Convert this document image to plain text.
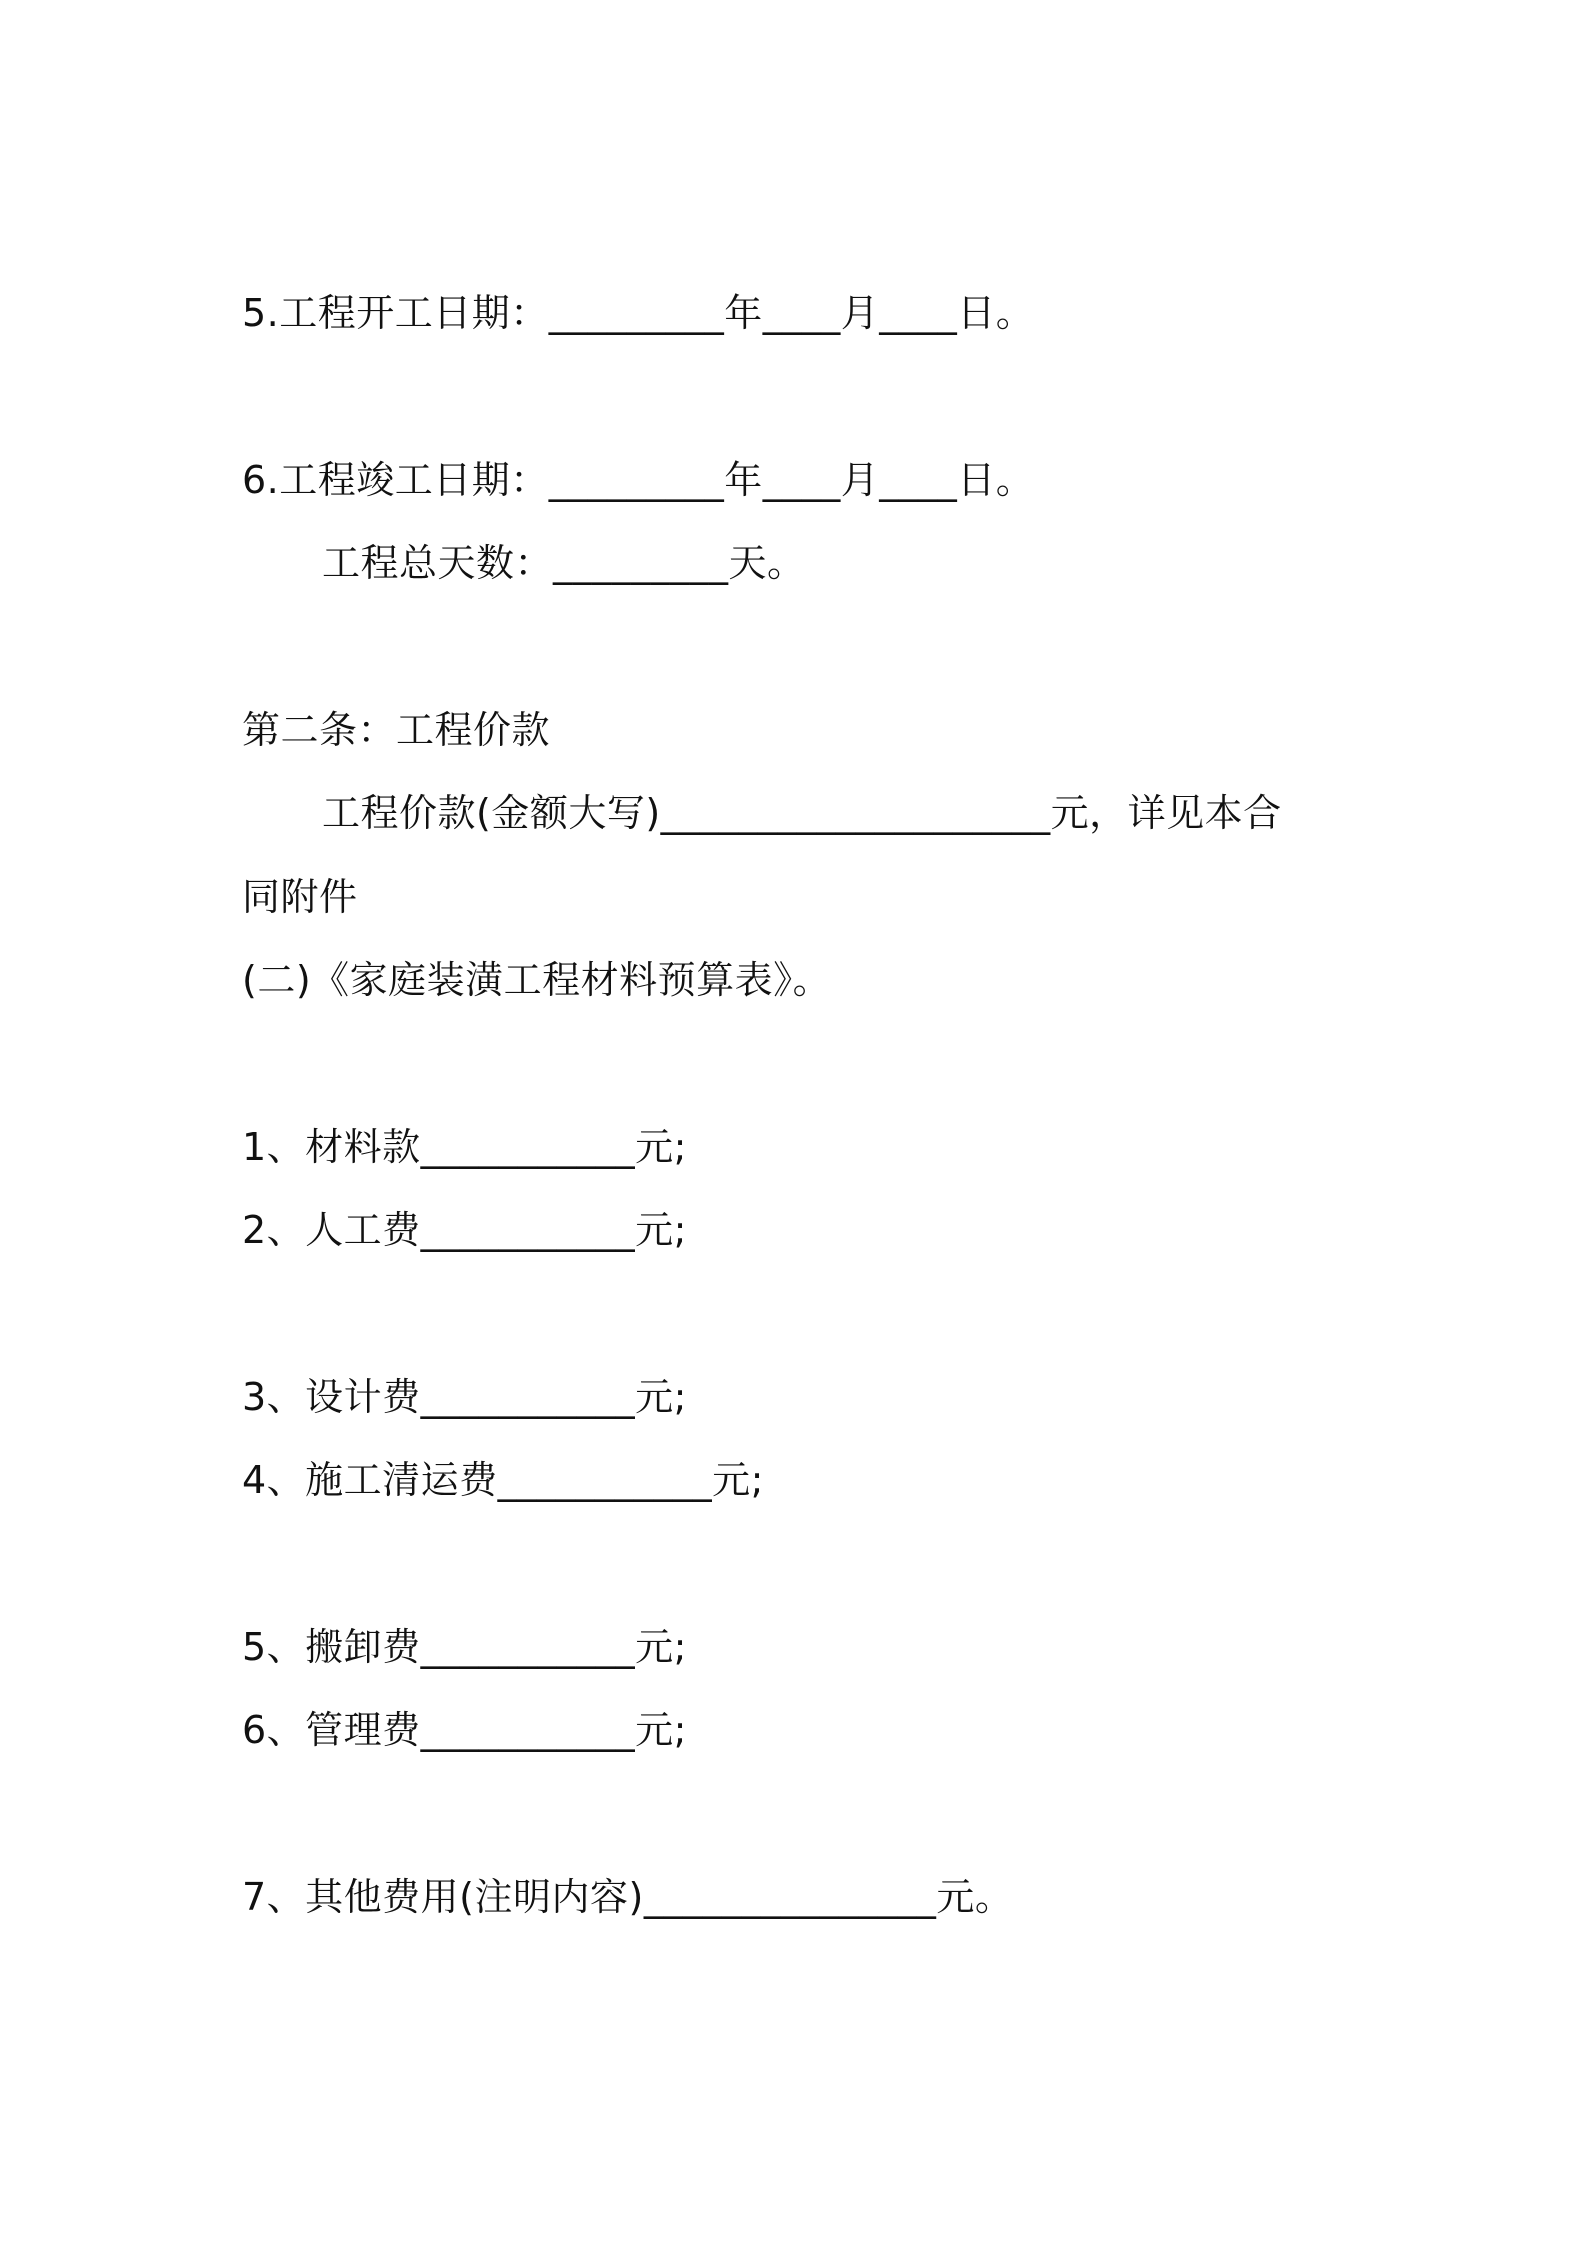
5.工程开工日期：_________年____月____日。
6.工程竣工日期：_________年____月____日。
工程总天数：_________天。
第二条：工程价款
工程价款(金额大写)____________________元，详见本合
同附件
(二)《家庭装潢工程材料预算表》。
1、材料款___________元;
2、人工费___________元;
3、设计费___________元;
4、施工清运费___________元;
5、搬卸费___________元;
6、管理费___________元;
7、其他费用(注明内容)_______________元。
